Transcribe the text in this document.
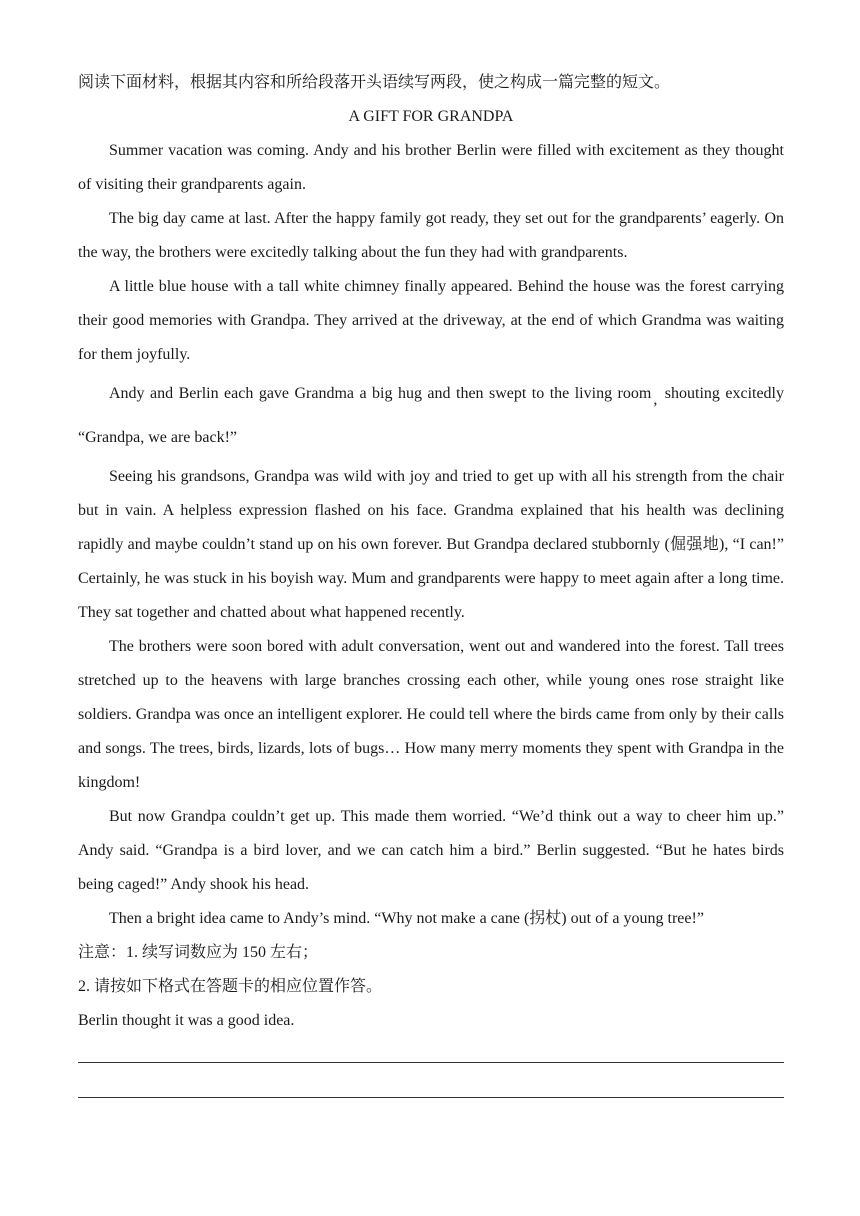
阅读下面材料，根据其内容和所给段落开头语续写两段，使之构成一篇完整的短文。

A GIFT FOR GRANDPA

Summer vacation was coming. Andy and his brother Berlin were filled with excitement as they thought of visiting their grandparents again.

The big day came at last. After the happy family got ready, they set out for the grandparents’ eagerly. On the way, the brothers were excitedly talking about the fun they had with grandparents.

A little blue house with a tall white chimney finally appeared. Behind the house was the forest carrying their good memories with Grandpa. They arrived at the driveway, at the end of which Grandma was waiting for them joyfully.

Andy and Berlin each gave Grandma a big hug and then swept to the living room , shouting excitedly “Grandpa, we are back!”

Seeing his grandsons, Grandpa was wild with joy and tried to get up with all his strength from the chair but in vain. A helpless expression flashed on his face. Grandma explained that his health was declining rapidly and maybe couldn’t stand up on his own forever. But Grandpa declared stubbornly (倔强地), “I can!” Certainly, he was stuck in his boyish way. Mum and grandparents were happy to meet again after a long time. They sat together and chatted about what happened recently.

The brothers were soon bored with adult conversation, went out and wandered into the forest. Tall trees stretched up to the heavens with large branches crossing each other, while young ones rose straight like soldiers. Grandpa was once an intelligent explorer. He could tell where the birds came from only by their calls and songs. The trees, birds, lizards, lots of bugs… How many merry moments they spent with Grandpa in the kingdom!

But now Grandpa couldn’t get up. This made them worried. “We’d think out a way to cheer him up.” Andy said. “Grandpa is a bird lover, and we can catch him a bird.” Berlin suggested. “But he hates birds being caged!” Andy shook his head.

Then a bright idea came to Andy’s mind. “Why not make a cane (拐杖) out of a young tree!”

注意：1. 续写词数应为 150 左右；

2. 请按如下格式在答题卡的相应位置作答。

Berlin thought it was a good idea.
